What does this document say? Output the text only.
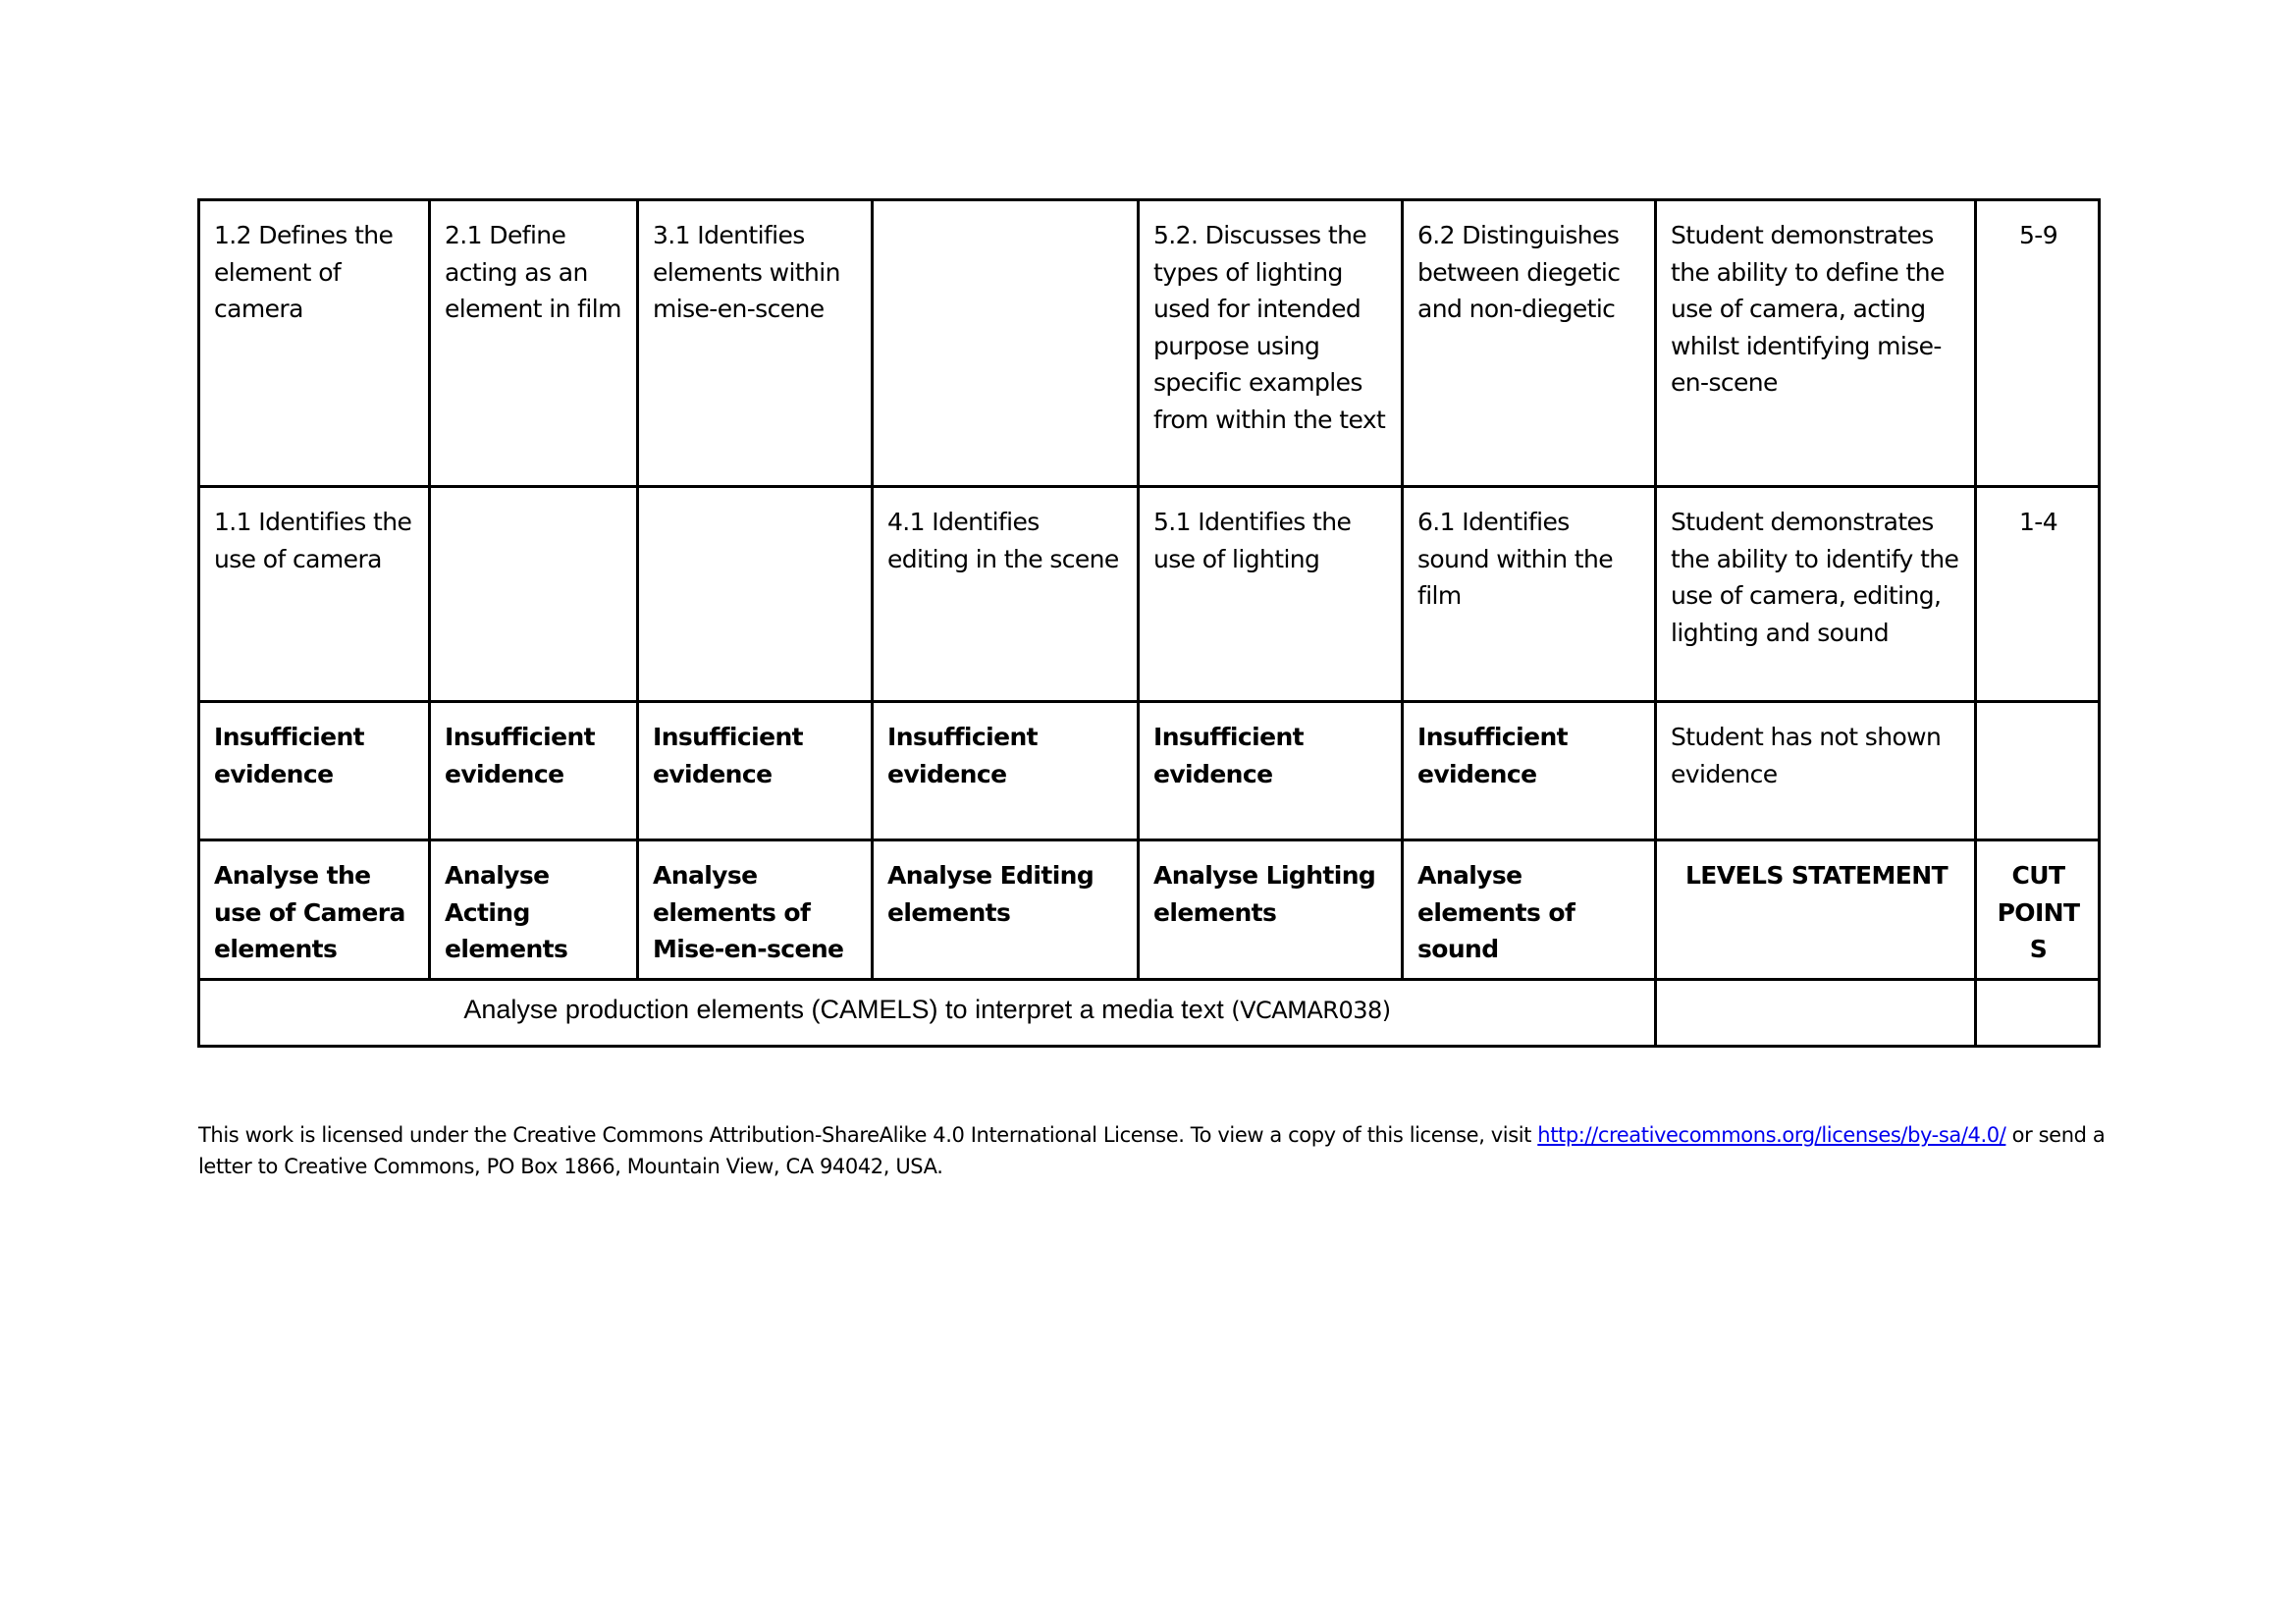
1.2 Defines the element of camera	2.1 Define acting as an element in film	3.1 Identifies elements within mise-en-scene		5.2. Discusses the types of lighting used for intended purpose using specific examples from within the text	6.2 Distinguishes between diegetic and non-diegetic	Student demonstrates the ability to define the use of camera, acting whilst identifying mise-en-scene	5-9
1.1 Identifies the use of camera			4.1 Identifies editing in the scene	5.1 Identifies the use of lighting	6.1 Identifies sound within the film	Student demonstrates the ability to identify the use of camera, editing, lighting and sound	1-4
Insufficient evidence	Insufficient evidence	Insufficient evidence	Insufficient evidence	Insufficient evidence	Insufficient evidence	Student has not shown evidence	
Analyse the use of Camera elements	Analyse Acting elements	Analyse elements of Mise-en-scene	Analyse Editing elements	Analyse Lighting elements	Analyse elements of sound	LEVELS STATEMENT	CUT POINTS
Analyse production elements (CAMELS) to interpret a media text (VCAMAR038)							
This work is licensed under the Creative Commons Attribution-ShareAlike 4.0 International License. To view a copy of this license, visit http://creativecommons.org/licenses/by-sa/4.0/ or send a letter to Creative Commons, PO Box 1866, Mountain View, CA 94042, USA.
